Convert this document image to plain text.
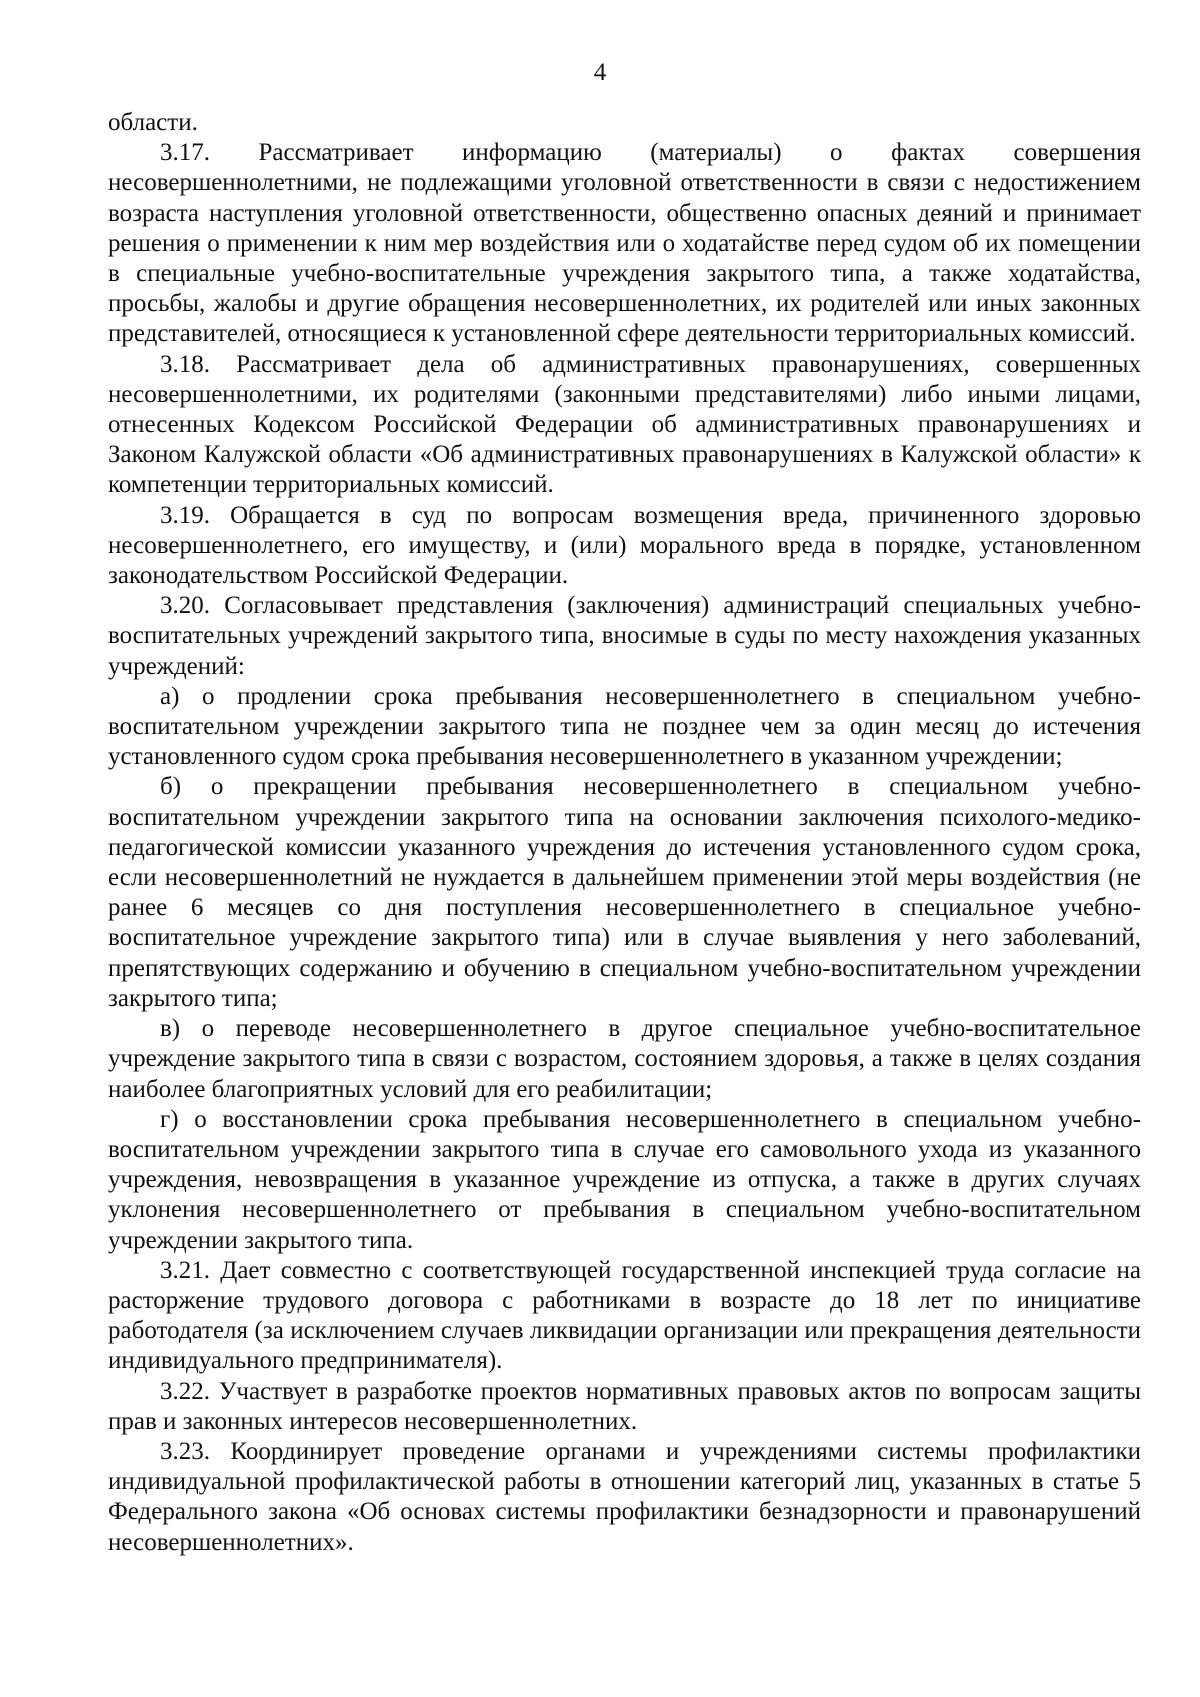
4

области.

3.17. Рассматривает информацию (материалы) о фактах совершения несовершеннолетними, не подлежащими уголовной ответственности в связи с недостижением возраста наступления уголовной ответственности, общественно опасных деяний и принимает решения о применении к ним мер воздействия или о ходатайстве перед судом об их помещении в специальные учебно-воспитательные учреждения закрытого типа, а также ходатайства, просьбы, жалобы и другие обращения несовершеннолетних, их родителей или иных законных представителей, относящиеся к установленной сфере деятельности территориальных комиссий.

3.18. Рассматривает дела об административных правонарушениях, совершенных несовершеннолетними, их родителями (законными представителями) либо иными лицами, отнесенных Кодексом Российской Федерации об административных правонарушениях и Законом Калужской области «Об административных правонарушениях в Калужской области» к компетенции территориальных комиссий.

3.19. Обращается в суд по вопросам возмещения вреда, причиненного здоровью несовершеннолетнего, его имуществу, и (или) морального вреда в порядке, установленном законодательством Российской Федерации.

3.20. Согласовывает представления (заключения) администраций специальных учебно-воспитательных учреждений закрытого типа, вносимые в суды по месту нахождения указанных учреждений:

а) о продлении срока пребывания несовершеннолетнего в специальном учебно-воспитательном учреждении закрытого типа не позднее чем за один месяц до истечения установленного судом срока пребывания несовершеннолетнего в указанном учреждении;

б) о прекращении пребывания несовершеннолетнего в специальном учебно-воспитательном учреждении закрытого типа на основании заключения психолого-медико-педагогической комиссии указанного учреждения до истечения установленного судом срока, если несовершеннолетний не нуждается в дальнейшем применении этой меры воздействия (не ранее 6 месяцев со дня поступления несовершеннолетнего в специальное учебно-воспитательное учреждение закрытого типа) или в случае выявления у него заболеваний, препятствующих содержанию и обучению в специальном учебно-воспитательном учреждении закрытого типа;

в) о переводе несовершеннолетнего в другое специальное учебно-воспитательное учреждение закрытого типа в связи с возрастом, состоянием здоровья, а также в целях создания наиболее благоприятных условий для его реабилитации;

г) о восстановлении срока пребывания несовершеннолетнего в специальном учебно-воспитательном учреждении закрытого типа в случае его самовольного ухода из указанного учреждения, невозвращения в указанное учреждение из отпуска, а также в других случаях уклонения несовершеннолетнего от пребывания в специальном учебно-воспитательном учреждении закрытого типа.

3.21. Дает совместно с соответствующей государственной инспекцией труда согласие на расторжение трудового договора с работниками в возрасте до 18 лет по инициативе работодателя (за исключением случаев ликвидации организации или прекращения деятельности индивидуального предпринимателя).

3.22. Участвует в разработке проектов нормативных правовых актов по вопросам защиты прав и законных интересов несовершеннолетних.

3.23. Координирует проведение органами и учреждениями системы профилактики индивидуальной профилактической работы в отношении категорий лиц, указанных в статье 5 Федерального закона «Об основах системы профилактики безнадзорности и правонарушений несовершеннолетних».
